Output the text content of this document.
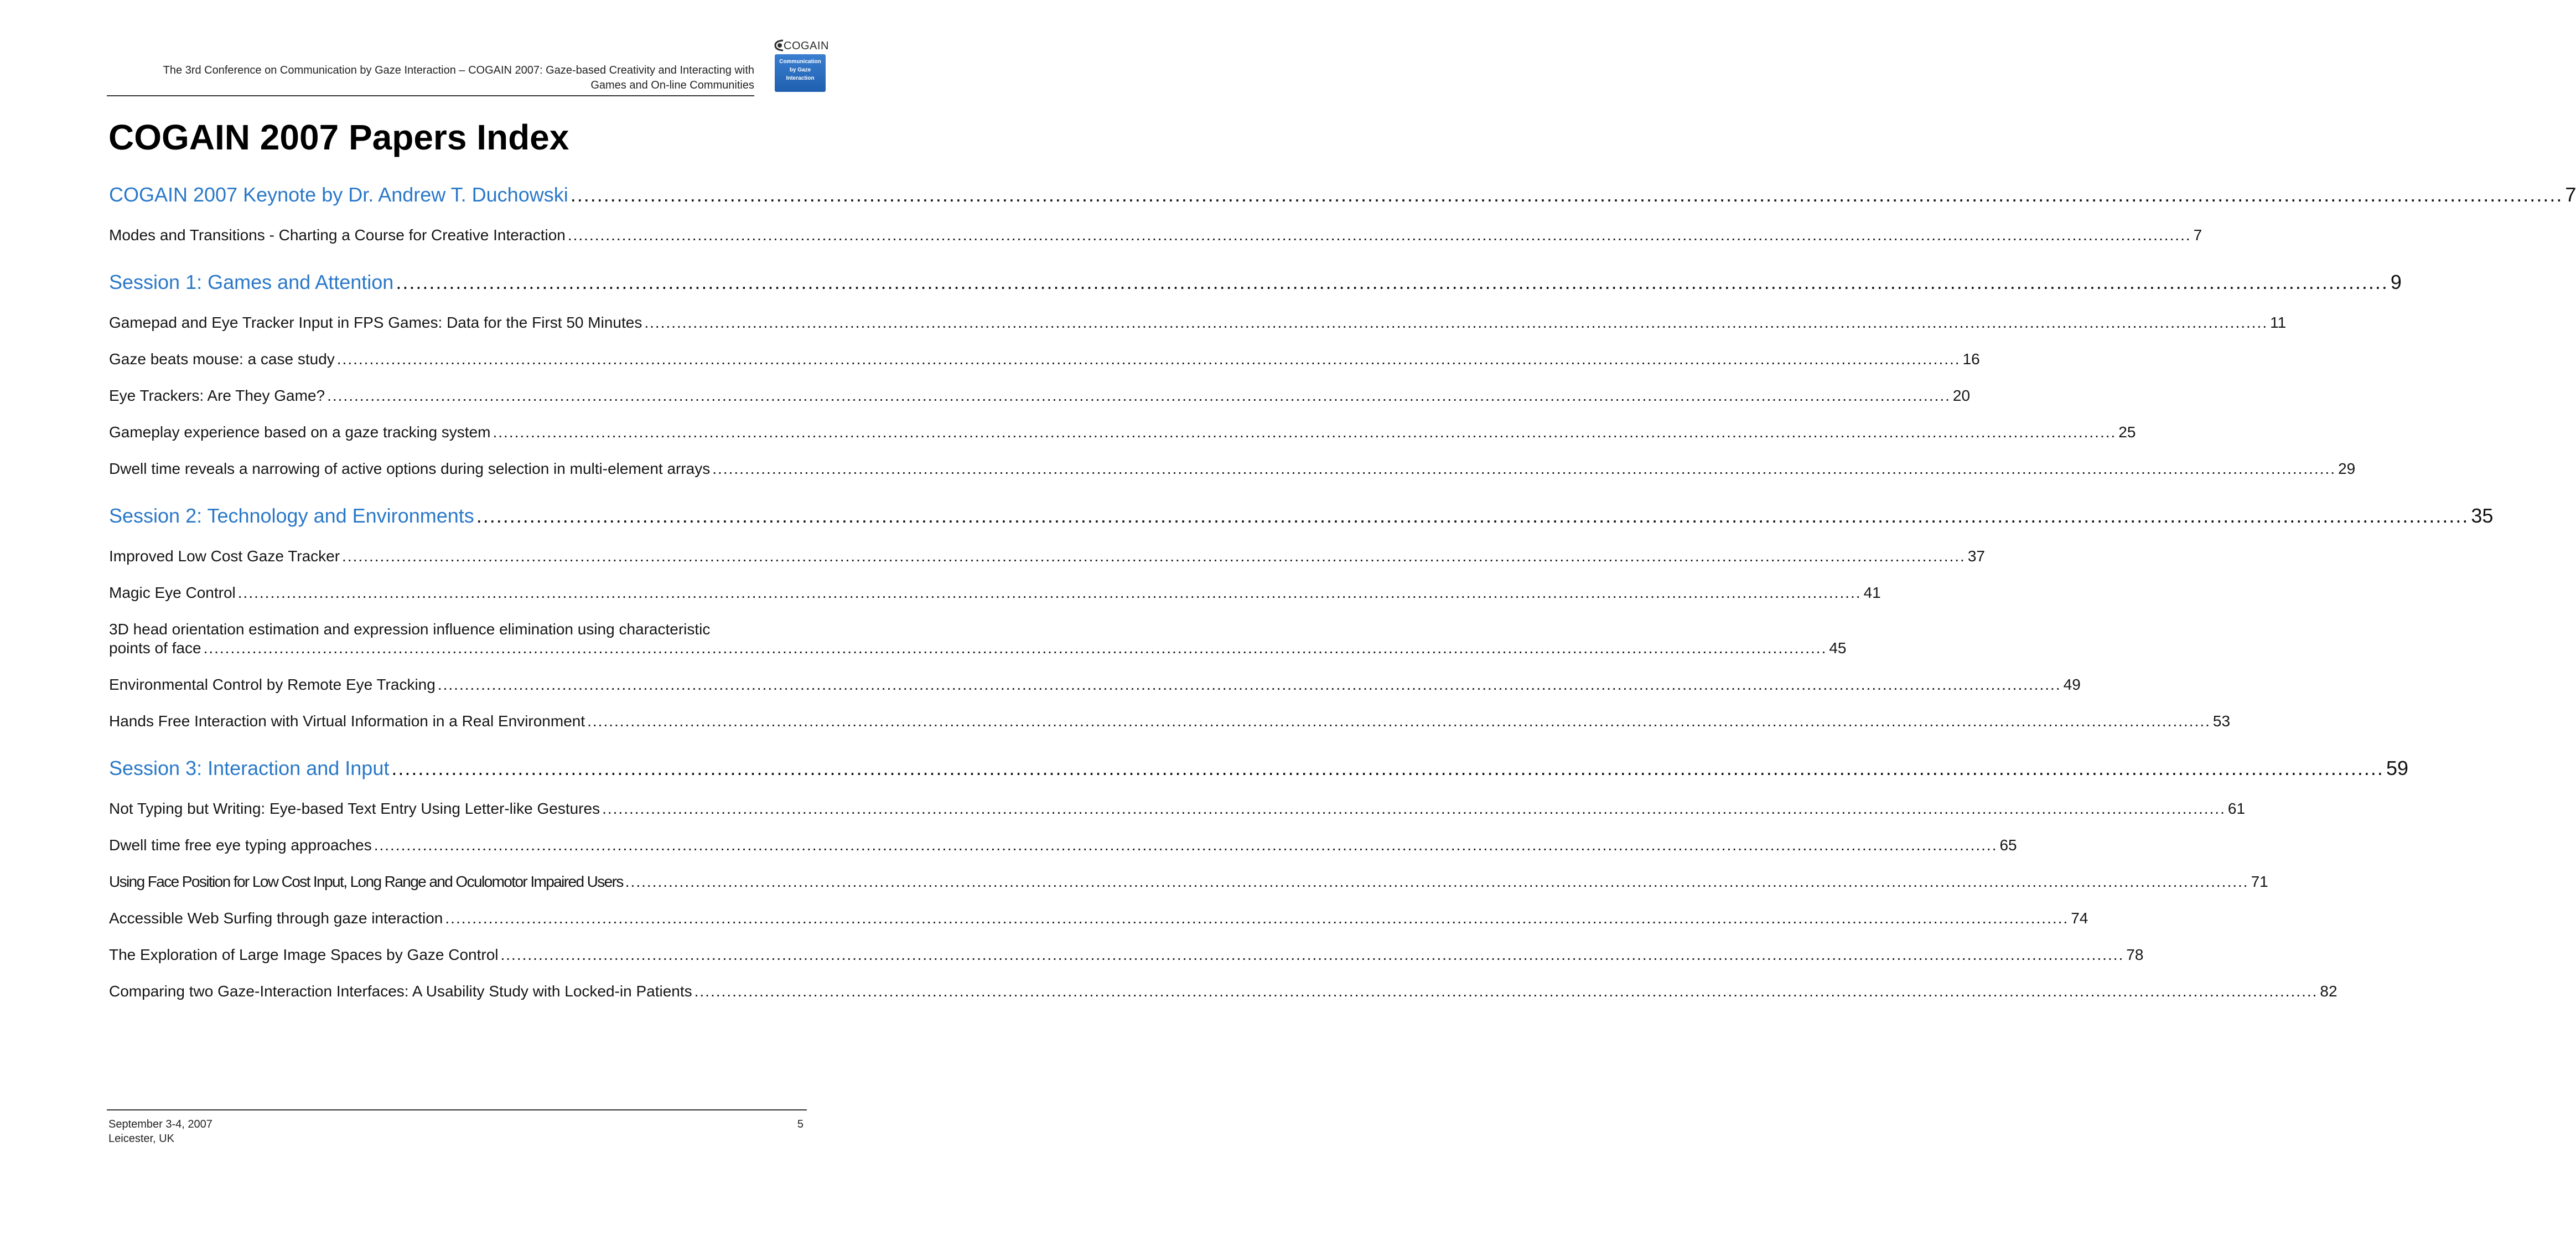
The 3rd Conference on Communication by Gaze Interaction – COGAIN 2007: Gaze-based Creativity and Interacting with
Games and On-line Communities
COGAIN
Communication
by Gaze
Interaction
COGAIN 2007 Papers Index
COGAIN 2007 Keynote by Dr. Andrew T. Duchowski ............................................................................................................................................................................................................................................................................................................ 7
Modes and Transitions - Charting a Course for Creative Interaction ............................................................................................................................................................................................................................................................................................................ 7
Session 1: Games and Attention ............................................................................................................................................................................................................................................................................................................ 9
Gamepad and Eye Tracker Input in FPS Games: Data for the First 50 Minutes ............................................................................................................................................................................................................................................................................................................ 11
Gaze beats mouse: a case study ............................................................................................................................................................................................................................................................................................................ 16
Eye Trackers: Are They Game? ............................................................................................................................................................................................................................................................................................................ 20
Gameplay experience based on a gaze tracking system ............................................................................................................................................................................................................................................................................................................ 25
Dwell time reveals a narrowing of active options during selection in multi-element arrays ............................................................................................................................................................................................................................................................................................................ 29
Session 2: Technology and Environments ............................................................................................................................................................................................................................................................................................................ 35
Improved Low Cost Gaze Tracker ............................................................................................................................................................................................................................................................................................................ 37
Magic Eye Control ............................................................................................................................................................................................................................................................................................................ 41
3D head orientation estimation and expression influence elimination using characteristic
points of face ............................................................................................................................................................................................................................................................................................................ 45
Environmental Control by Remote Eye Tracking ............................................................................................................................................................................................................................................................................................................ 49
Hands Free Interaction with Virtual Information in a Real Environment ............................................................................................................................................................................................................................................................................................................ 53
Session 3: Interaction and Input ............................................................................................................................................................................................................................................................................................................ 59
Not Typing but Writing: Eye-based Text Entry Using Letter-like Gestures ............................................................................................................................................................................................................................................................................................................ 61
Dwell time free eye typing approaches ............................................................................................................................................................................................................................................................................................................ 65
Using Face Position for Low Cost Input, Long Range and Oculomotor Impaired Users ............................................................................................................................................................................................................................................................................................................ 71
Accessible Web Surfing through gaze interaction ............................................................................................................................................................................................................................................................................................................ 74
The Exploration of Large Image Spaces by Gaze Control ............................................................................................................................................................................................................................................................................................................ 78
Comparing two Gaze-Interaction Interfaces: A Usability Study with Locked-in Patients ............................................................................................................................................................................................................................................................................................................ 82
September 3-4, 2007
Leicester, UK
5
